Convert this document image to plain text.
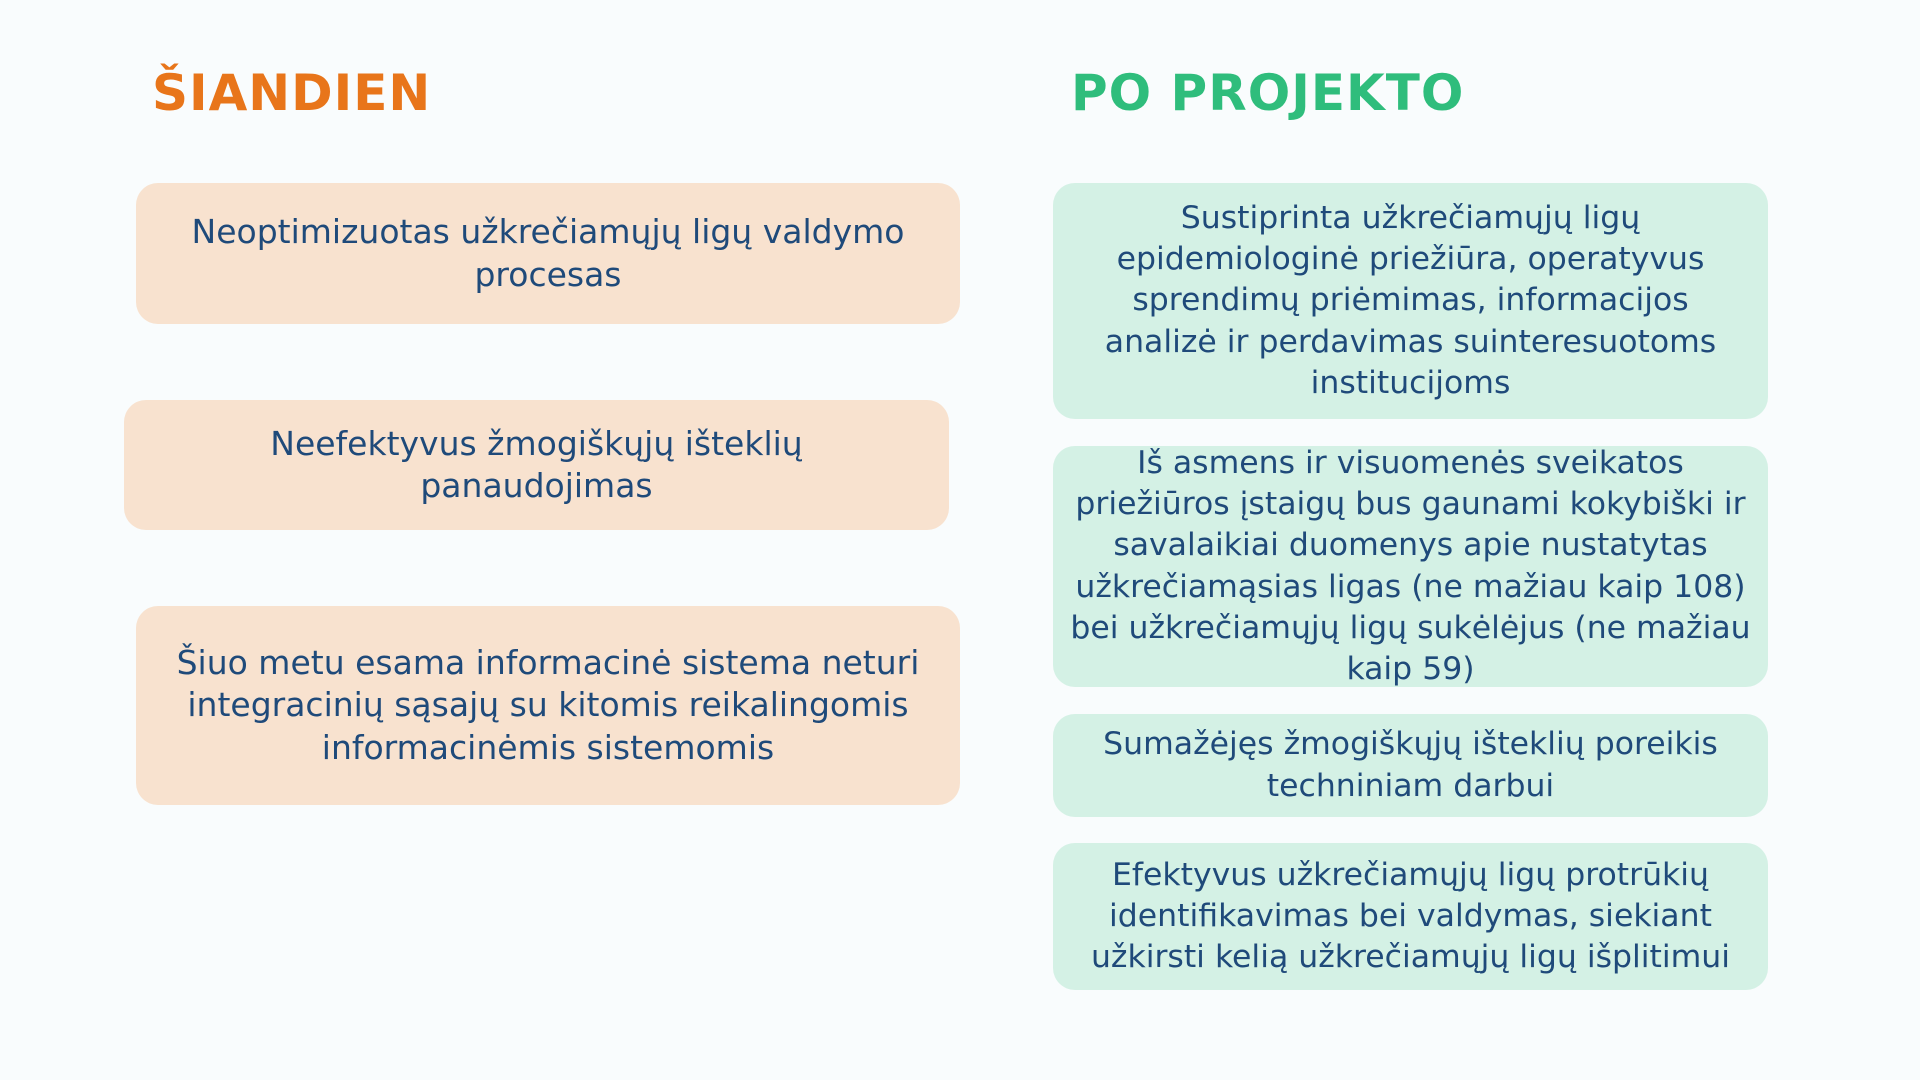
ŠIANDIEN	PO PROJEKTO
Neoptimizuotas užkrečiamųjų ligų valdymo procesas
Neefektyvus žmogiškųjų išteklių panaudojimas
Šiuo metu esama informacinė sistema neturi integracinių sąsajų su kitomis reikalingomis informacinėmis sistemomis
Sustiprinta užkrečiamųjų ligų epidemiologinė priežiūra, operatyvus sprendimų priėmimas, informacijos analizė ir perdavimas suinteresuotoms institucijoms
Iš asmens ir visuomenės sveikatos priežiūros įstaigų bus gaunami kokybiški ir savalaikiai duomenys apie nustatytas užkrečiamąsias ligas (ne mažiau kaip 108) bei užkrečiamųjų ligų sukėlėjus (ne mažiau kaip 59)
Sumažėjęs žmogiškųjų išteklių poreikis techniniam darbui
Efektyvus užkrečiamųjų ligų protrūkių identifikavimas bei valdymas, siekiant užkirsti kelią užkrečiamųjų ligų išplitimui
